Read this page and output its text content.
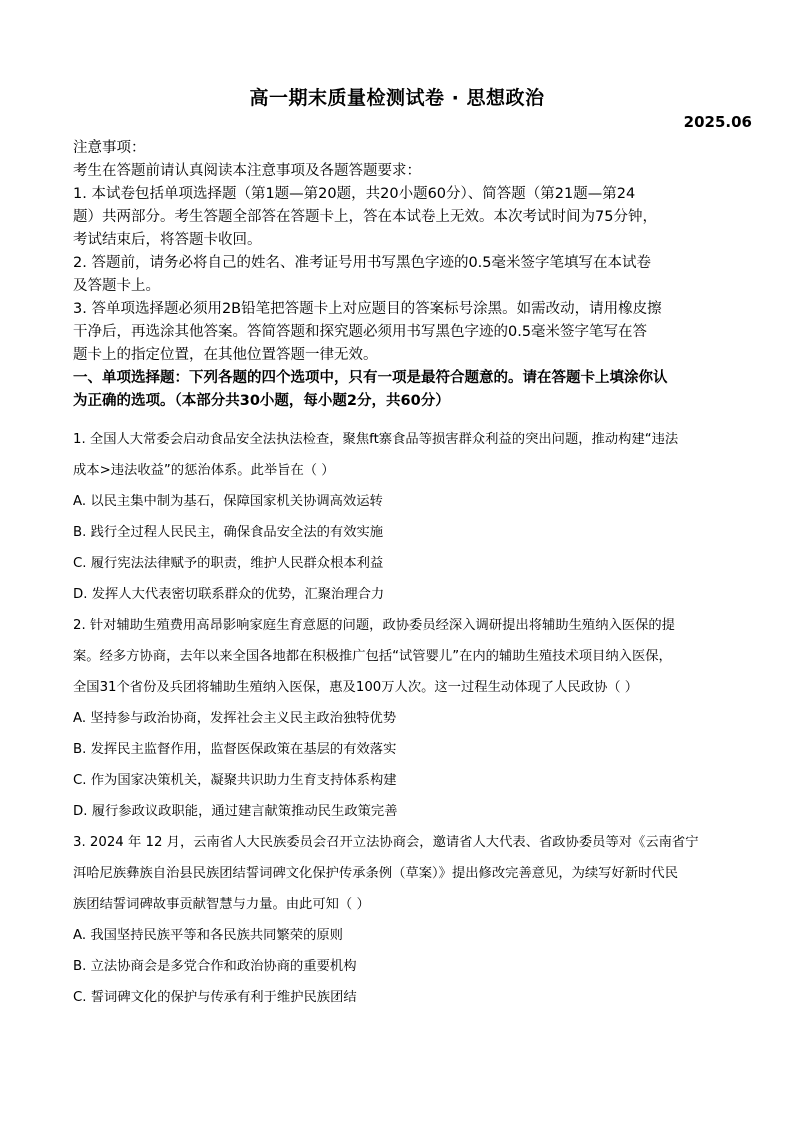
高一期末质量检测试卷 · 思想政治
2025.06
注意事项：
考生在答题前请认真阅读本注意事项及各题答题要求：
1. 本试卷包括单项选择题（第1题—第20题，共20小题60分）、简答题（第21题—第24
题）共两部分。考生答题全部答在答题卡上，答在本试卷上无效。本次考试时间为75分钟，
考试结束后，将答题卡收回。
2. 答题前，请务必将自己的姓名、准考证号用书写黑色字迹的0.5毫米签字笔填写在本试卷
及答题卡上。
3. 答单项选择题必须用2B铅笔把答题卡上对应题目的答案标号涂黑。如需改动，请用橡皮擦
干净后，再选涂其他答案。答简答题和探究题必须用书写黑色字迹的0.5毫米签字笔写在答
题卡上的指定位置，在其他位置答题一律无效。
一、单项选择题：下列各题的四个选项中，只有一项是最符合题意的。请在答题卡上填涂你认
为正确的选项。（本部分共30小题，每小题2分，共60分）
1. 全国人大常委会启动食品安全法执法检查，聚焦ft寨食品等损害群众利益的突出问题，推动构建“违法
成本>违法收益”的惩治体系。此举旨在（ ）
A. 以民主集中制为基石，保障国家机关协调高效运转
B. 践行全过程人民民主，确保食品安全法的有效实施
C. 履行宪法法律赋予的职责，维护人民群众根本利益
D. 发挥人大代表密切联系群众的优势，汇聚治理合力
2. 针对辅助生殖费用高昂影响家庭生育意愿的问题，政协委员经深入调研提出将辅助生殖纳入医保的提
案。经多方协商，去年以来全国各地都在积极推广包括“试管婴儿”在内的辅助生殖技术项目纳入医保，
全国31个省份及兵团将辅助生殖纳入医保，惠及100万人次。这一过程生动体现了人民政协（ ）
A. 坚持参与政治协商，发挥社会主义民主政治独特优势
B. 发挥民主监督作用，监督医保政策在基层的有效落实
C. 作为国家决策机关，凝聚共识助力生育支持体系构建
D. 履行参政议政职能，通过建言献策推动民生政策完善
3. 2024 年 12 月，云南省人大民族委员会召开立法协商会，邀请省人大代表、省政协委员等对《云南省宁
洱哈尼族彝族自治县民族团结誓词碑文化保护传承条例（草案）》提出修改完善意见，为续写好新时代民
族团结誓词碑故事贡献智慧与力量。由此可知（ ）
A. 我国坚持民族平等和各民族共同繁荣的原则
B. 立法协商会是多党合作和政治协商的重要机构
C. 誓词碑文化的保护与传承有利于维护民族团结
